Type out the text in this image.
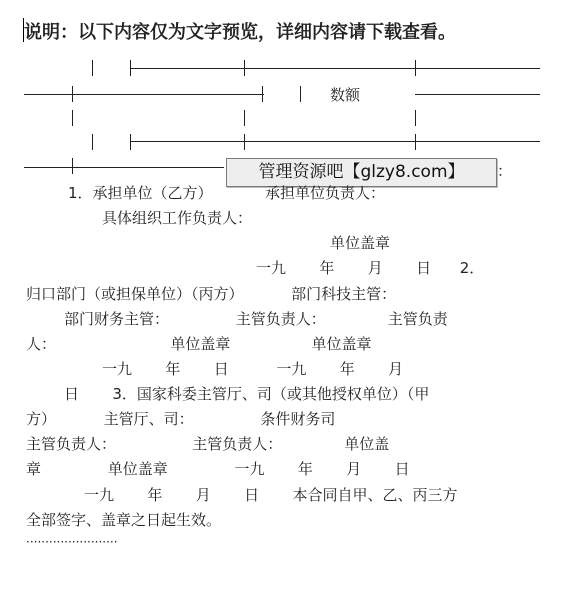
说明：以下内容仅为文字预览，详细内容请下载查看。
数额
管理资源吧【glzy8.com】	：
1．承担单位（乙方）           承担单位负责人：
具体组织工作负责人：
单位盖章
一九       年       月       日      2．
归口部门（或担保单位）（丙方）          部门科技主管：
部门财务主管：              主管负责人：             主管负责
人：                        单位盖章                 单位盖章
一九       年       日          一九       年       月
日       3．国家科委主管厅、司（或其他授权单位）（甲
方）          主管厅、司：              条件财务司
主管负责人：                主管负责人：             单位盖
章              单位盖章              一九       年       月       日
一九       年       月       日       本合同自甲、乙、丙三方
全部签字、盖章之日起生效。
························
